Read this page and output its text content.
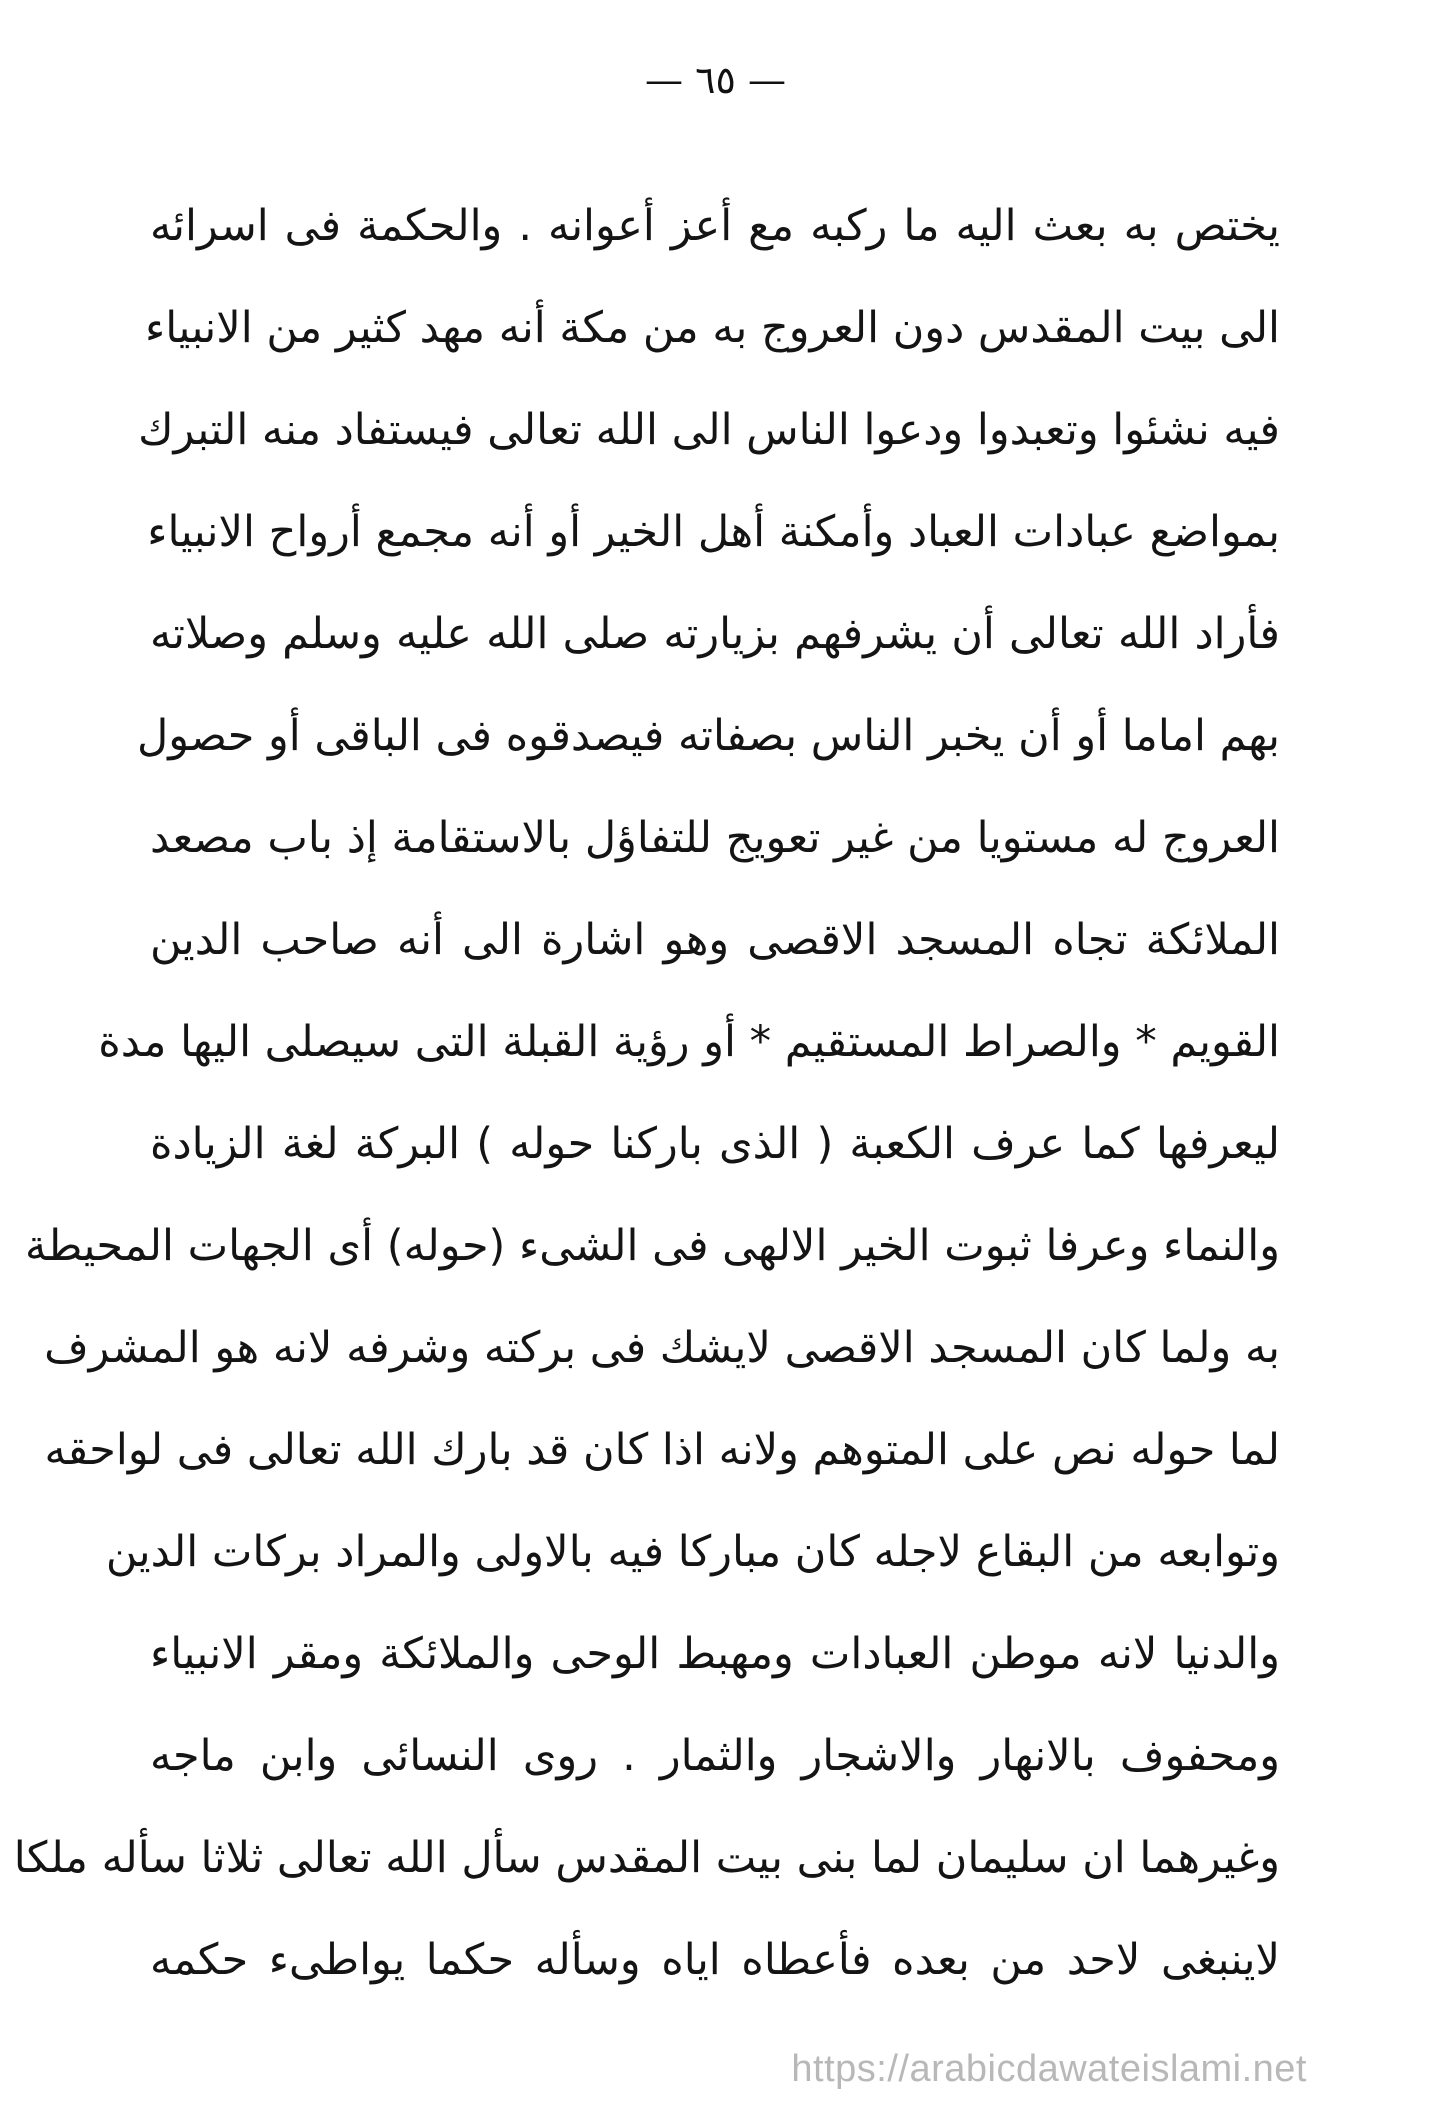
— ٦٥ —
يختص به بعث اليه ما ركبه مع أعز أعوانه . والحكمة فى اسرائه
الى بيت المقدس دون العروج به من مكة أنه مهد كثير من الانبياء
فيه نشئوا وتعبدوا ودعوا الناس الى الله تعالى فيستفاد منه التبرك
بمواضع عبادات العباد وأمكنة أهل الخير أو أنه مجمع أرواح الانبياء
فأراد الله تعالى أن يشرفهم بزيارته صلى الله عليه وسلم وصلاته
بهم اماما أو أن يخبر الناس بصفاته فيصدقوه فى الباقى أو حصول
العروج له مستويا من غير تعويج للتفاؤل بالاستقامة إذ باب مصعد
الملائكة تجاه المسجد الاقصى وهو اشارة الى أنه صاحب الدين
القويم * والصراط المستقيم * أو رؤية القبلة التى سيصلى اليها مدة
ليعرفها كما عرف الكعبة ( الذى باركنا حوله ) البركة لغة الزيادة
والنماء وعرفا ثبوت الخير الالهى فى الشىء (حوله) أى الجهات المحيطة
به ولما كان المسجد الاقصى لايشك فى بركته وشرفه لانه هو المشرف
لما حوله نص على المتوهم ولانه اذا كان قد بارك الله تعالى فى لواحقه
وتوابعه من البقاع لاجله كان مباركا فيه بالاولى والمراد بركات الدين
والدنيا لانه موطن العبادات ومهبط الوحى والملائكة ومقر الانبياء
ومحفوف بالانهار والاشجار والثمار . روى النسائى وابن ماجه
وغيرهما ان سليمان لما بنى بيت المقدس سأل الله تعالى ثلاثا سأله ملكا
لاينبغى لاحد من بعده فأعطاه اياه وسأله حكما يواطىء حكمه
https://arabicdawateislami.net
